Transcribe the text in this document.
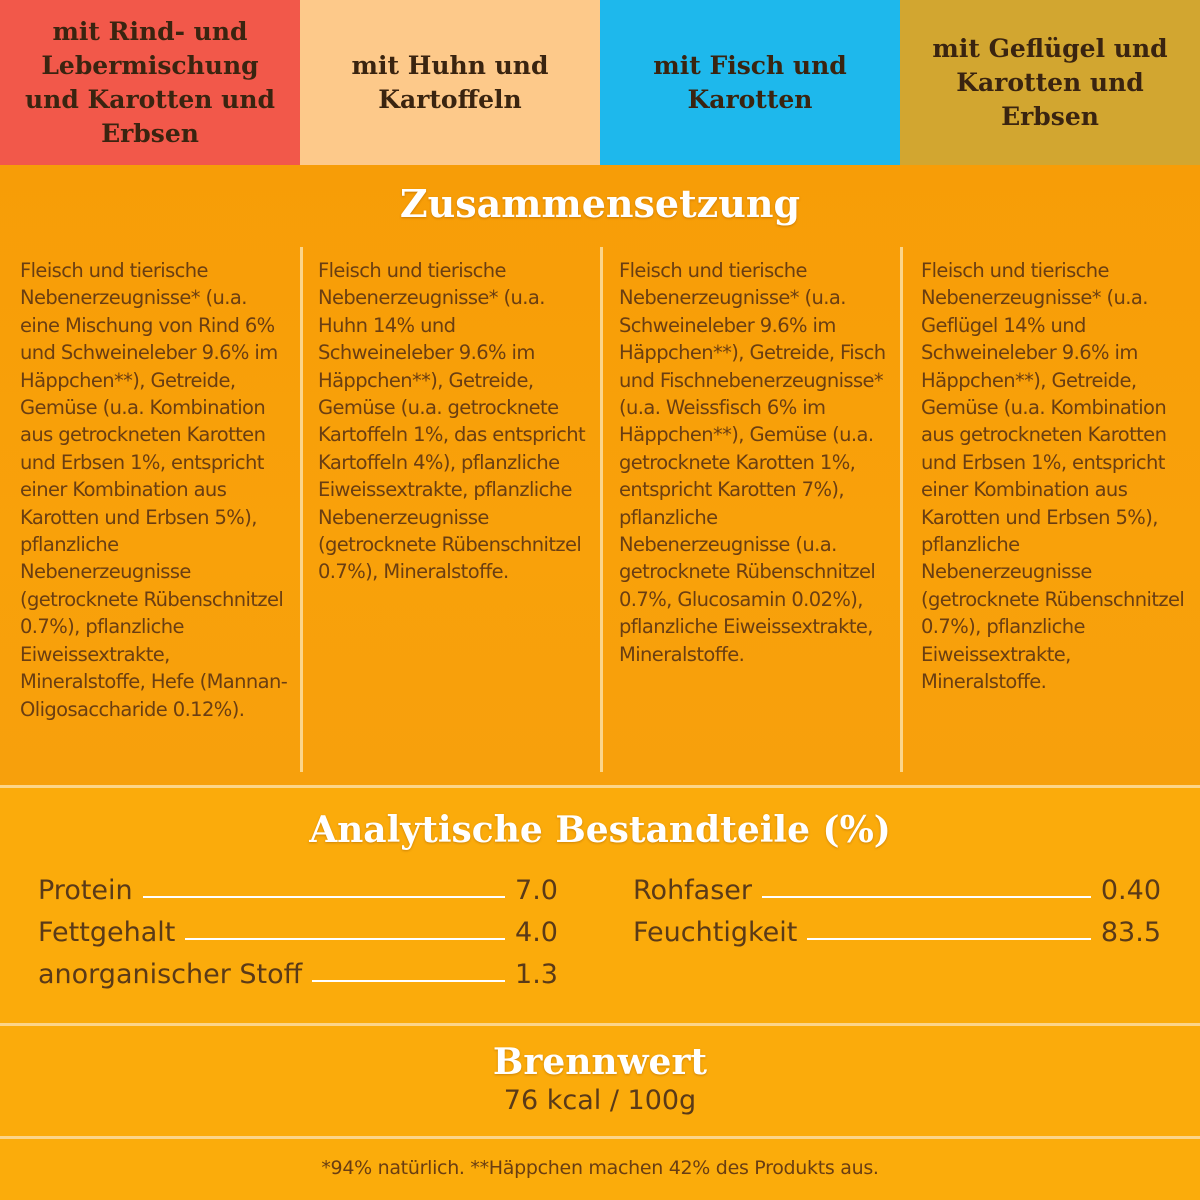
mit Rind- und Lebermischung und Karotten und Erbsen
mit Huhn und Kartoffeln
mit Fisch und Karotten
mit Geflügel und Karotten und Erbsen
Zusammensetzung
Fleisch und tierische Nebenerzeugnisse* (u.a. eine Mischung von Rind 6% und Schweineleber 9.6% im Häppchen**), Getreide, Gemüse (u.a. Kombination aus getrockneten Karotten und Erbsen 1%, entspricht einer Kombination aus Karotten und Erbsen 5%), pflanzliche Nebenerzeugnisse (getrocknete Rübenschnitzel 0.7%), pflanzliche Eiweissextrakte, Mineralstoffe, Hefe (Mannan-Oligosaccharide 0.12%).
Fleisch und tierische Nebenerzeugnisse* (u.a. Huhn 14% und Schweineleber 9.6% im Häppchen**), Getreide, Gemüse (u.a. getrocknete Kartoffeln 1%, das entspricht Kartoffeln 4%), pflanzliche Eiweissextrakte, pflanzliche Nebenerzeugnisse (getrocknete Rübenschnitzel 0.7%), Mineralstoffe.
Fleisch und tierische Nebenerzeugnisse* (u.a. Schweineleber 9.6% im Häppchen**), Getreide, Fisch und Fischnebenerzeugnisse* (u.a. Weissfisch 6% im Häppchen**), Gemüse (u.a. getrocknete Karotten 1%, entspricht Karotten 7%), pflanzliche Nebenerzeugnisse (u.a. getrocknete Rübenschnitzel 0.7%, Glucosamin 0.02%), pflanzliche Eiweissextrakte, Mineralstoffe.
Fleisch und tierische Nebenerzeugnisse* (u.a. Geflügel 14% und Schweineleber 9.6% im Häppchen**), Getreide, Gemüse (u.a. Kombination aus getrockneten Karotten und Erbsen 1%, entspricht einer Kombination aus Karotten und Erbsen 5%), pflanzliche Nebenerzeugnisse (getrocknete Rübenschnitzel 0.7%), pflanzliche Eiweissextrakte, Mineralstoffe.
Analytische Bestandteile (%)
Protein	7.0
Fettgehalt	4.0
anorganischer Stoff	1.3
Rohfaser	0.40
Feuchtigkeit	83.5
Brennwert
76 kcal / 100g
*94% natürlich. **Häppchen machen 42% des Produkts aus.
